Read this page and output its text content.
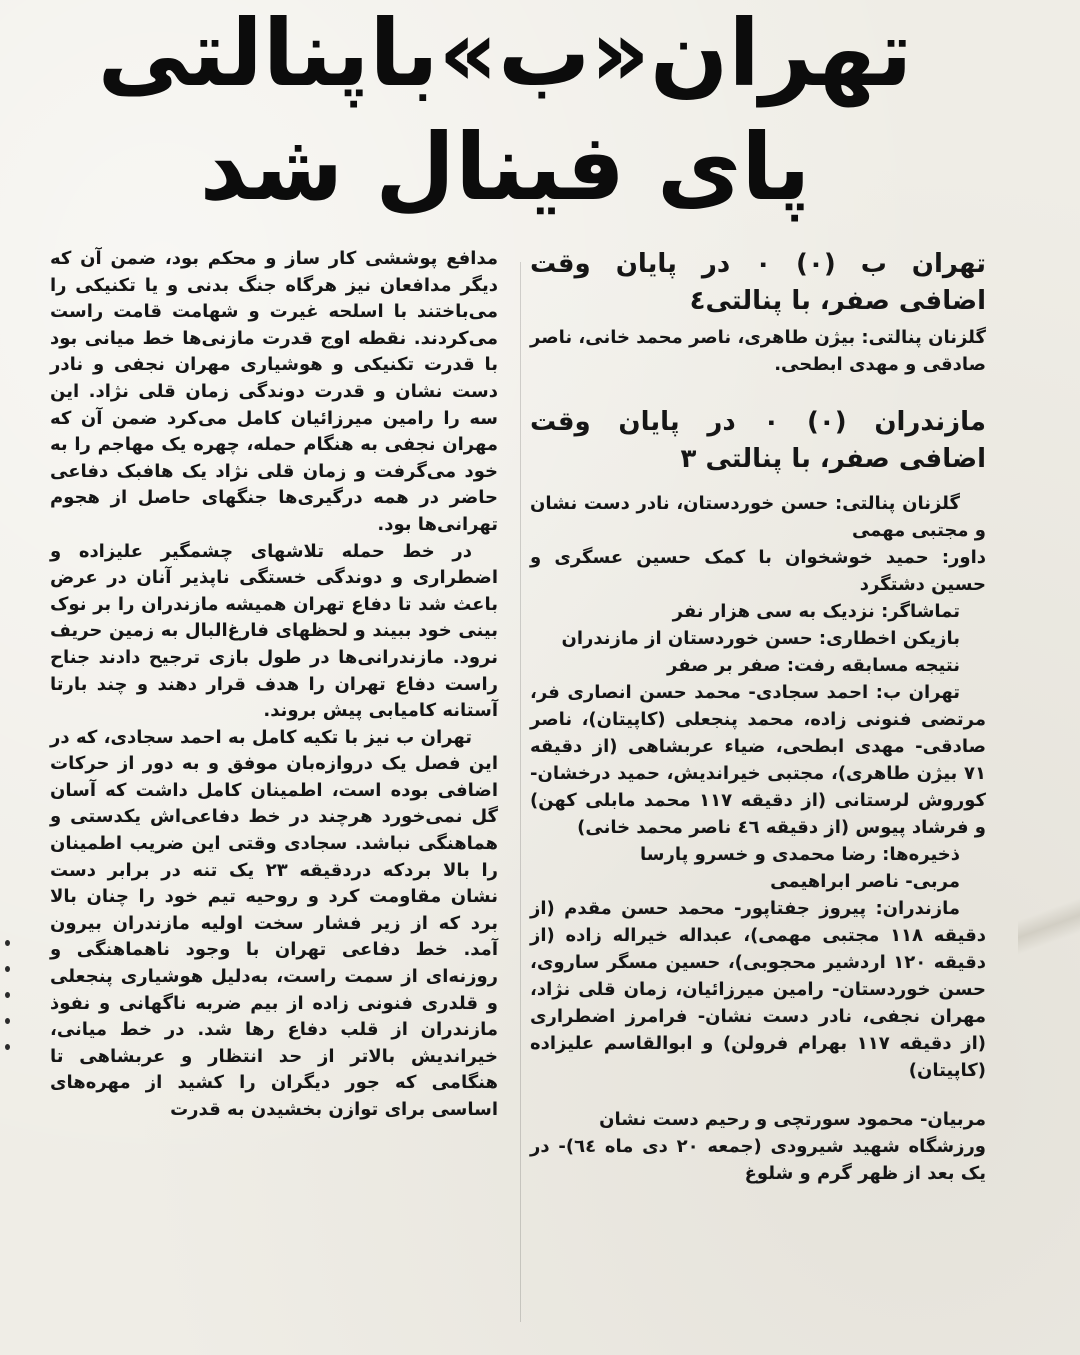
تهران«ب»باپنالتی
پای فینال شد
تهران ب (۰) ۰ در پایان وقت اضافی صفر، با پنالتی٤
گلزنان پنالتی: بیژن طاهری، ناصر محمد خانی، ناصر صادقی و مهدی ابطحی.
مازندران (۰) ۰ در پایان وقت اضافی صفر، با پنالتی ۳
گلزنان پنالتی: حسن خوردستان، نادر دست نشان و مجتبی مهمی
داور: حمید خوشخوان با کمک حسین عسگری و حسین دشتگرد
تماشاگر: نزدیک به سی هزار نفر
بازیکن اخطاری: حسن خوردستان از مازندران
نتیجه مسابقه رفت: صفر بر صفر
تهران ب: احمد سجادی- محمد حسن انصاری فر، مرتضی فنونی زاده، محمد پنجعلی (کاپیتان)، ناصر صادقی- مهدی ابطحی، ضیاء عربشاهی (از دقیقه ۷۱ بیژن طاهری)، مجتبی خیراندیش، حمید درخشان- کوروش لرستانی (از دقیقه ۱۱۷ محمد مابلی کهن) و فرشاد پیوس (از دقیقه ٤٦ ناصر محمد خانی)
ذخیره‌ها: رضا محمدی و خسرو پارسا
مربی- ناصر ابراهیمی
مازندران: پیروز جفتاپور- محمد حسن مقدم (از دقیقه ۱۱۸ مجتبی مهمی)، عبداله خیراله زاده (از دقیقه ۱۲۰ اردشیر محجوبی)، حسین مسگر ساروی، حسن خوردستان- رامین میرزائیان، زمان قلی نژاد، مهران نجفی، نادر دست نشان- فرامرز اضطراری (از دقیقه ۱۱۷ بهرام فرولن) و ابوالقاسم علیزاده (کاپیتان)
مربیان- محمود سورتچی و رحیم دست نشان
ورزشگاه شهید شیرودی (جمعه ۲۰ دی ماه ٦٤)- در یک بعد از ظهر گرم و شلوغ

مدافع پوششی کار ساز و محکم بود، ضمن آن که دیگر مدافعان نیز هرگاه جنگ بدنی و یا تکنیکی را می‌باختند با اسلحه غیرت و شهامت قامت راست می‌کردند. نقطه اوج قدرت مازنی‌ها خط میانی بود با قدرت تکنیکی و هوشیاری مهران نجفی و نادر دست نشان و قدرت دوندگی زمان قلی نژاد. این سه را رامین میرزائیان کامل می‌کرد ضمن آن که مهران نجفی به هنگام حمله، چهره یک مهاجم را به خود می‌گرفت و زمان قلی نژاد یک هافبک دفاعی حاضر در همه درگیری‌ها جنگهای حاصل از هجوم تهرانی‌ها بود.

در خط حمله تلاشهای چشمگیر علیزاده و اضطراری و دوندگی خستگی ناپذیر آنان در عرض باعث شد تا دفاع تهران همیشه مازندران را بر نوک بینی خود ببیند و لحظهای فارغ‌البال به زمین حریف نرود. مازندرانی‌ها در طول بازی ترجیح دادند جناح راست دفاع تهران را هدف قرار دهند و چند بارتا آستانه کامیابی پیش بروند.

تهران ب نیز با تکیه کامل به احمد سجادی، که در این فصل یک دروازه‌بان موفق و به دور از حرکات اضافی بوده است، اطمینان کامل داشت که آسان گل نمی‌خورد هرچند در خط دفاعی‌اش یکدستی و هماهنگی نباشد. سجادی وقتی این ضریب اطمینان را بالا بردکه دردقیقه ۲۳ یک تنه در برابر دست نشان مقاومت کرد و روحیه تیم خود را چنان بالا برد که از زیر فشار سخت اولیه مازندران بیرون آمد. خط دفاعی تهران با وجود ناهماهنگی و روزنه‌ای از سمت راست، به‌دلیل هوشیاری پنجعلی و قلدری فنونی زاده از بیم ضربه ناگهانی و نفوذ مازندران از قلب دفاع رها شد. در خط میانی، خیراندیش بالاتر از حد انتظار و عربشاهی تا هنگامی که جور دیگران را کشید از مهره‌های اساسی برای توازن بخشیدن به قدرت
